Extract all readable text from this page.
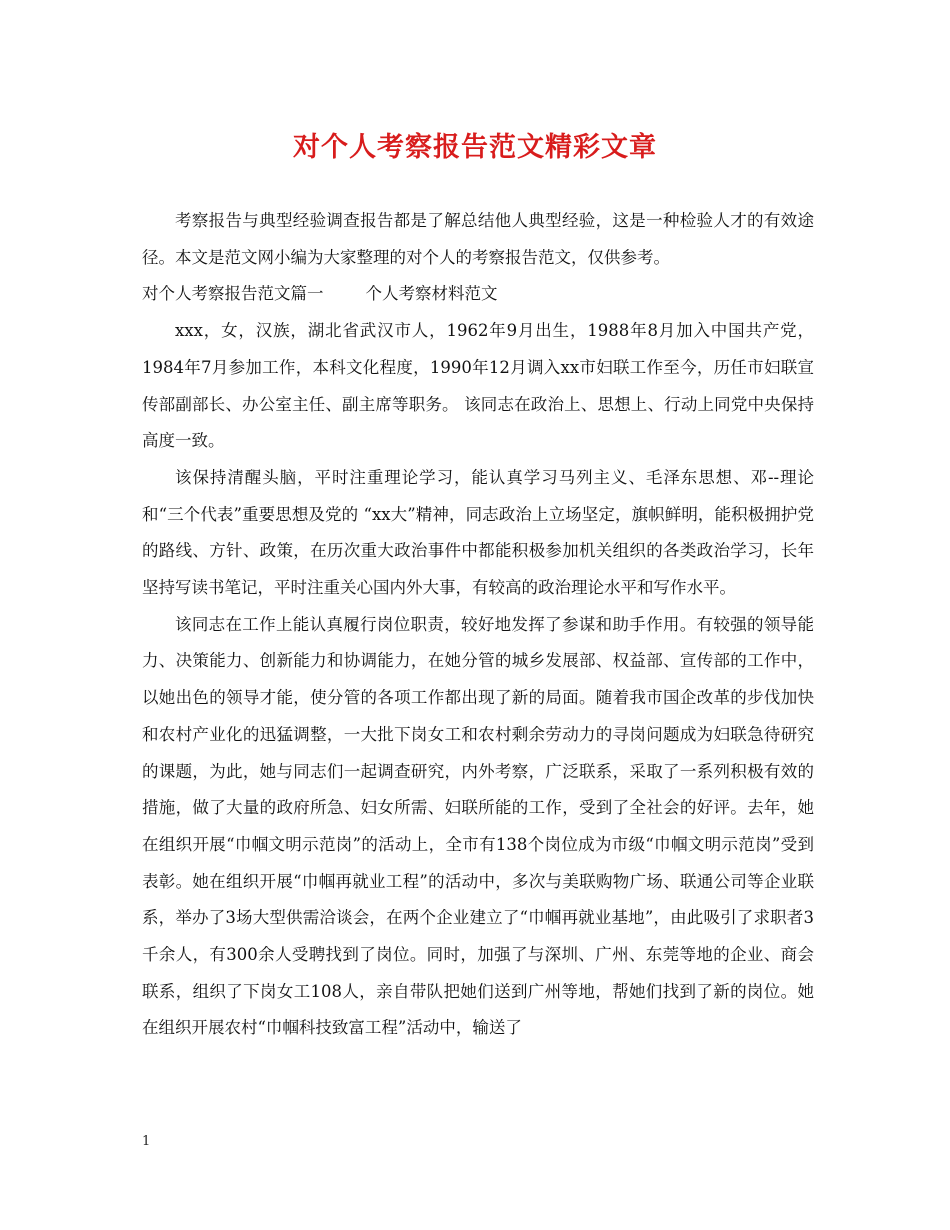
对个人考察报告范文精彩文章

考察报告与典型经验调查报告都是了解总结他人典型经验，这是一种检验人才的有效途径。本文是范文网小编为大家整理的对个人的考察报告范文，仅供参考。

对个人考察报告范文篇一	个人考察材料范文

xxx，女，汉族，湖北省武汉市人，1962年9月出生，1988年8月加入中国共产党，1984年7月参加工作，本科文化程度，1990年12月调入xx市妇联工作至今，历任市妇联宣传部副部长、办公室主任、副主席等职务。 该同志在政治上、思想上、行动上同党中央保持高度一致。

该保持清醒头脑，平时注重理论学习，能认真学习马列主义、毛泽东思想、邓--理论和“三个代表”重要思想及党的 “xx大”精神，同志政治上立场坚定，旗帜鲜明，能积极拥护党的路线、方针、政策，在历次重大政治事件中都能积极参加机关组织的各类政治学习，长年坚持写读书笔记，平时注重关心国内外大事，有较高的政治理论水平和写作水平。

该同志在工作上能认真履行岗位职责，较好地发挥了参谋和助手作用。有较强的领导能力、决策能力、创新能力和协调能力，在她分管的城乡发展部、权益部、宣传部的工作中，以她出色的领导才能，使分管的各项工作都出现了新的局面。随着我市国企改革的步伐加快和农村产业化的迅猛调整，一大批下岗女工和农村剩余劳动力的寻岗问题成为妇联急待研究的课题，为此，她与同志们一起调查研究，内外考察，广泛联系，采取了一系列积极有效的措施，做了大量的政府所急、妇女所需、妇联所能的工作，受到了全社会的好评。去年，她在组织开展“巾帼文明示范岗”的活动上，全市有138个岗位成为市级“巾帼文明示范岗”受到表彰。她在组织开展“巾帼再就业工程”的活动中，多次与美联购物广场、联通公司等企业联系，举办了3场大型供需洽谈会，在两个企业建立了“巾帼再就业基地”，由此吸引了求职者3千余人，有300余人受聘找到了岗位。同时，加强了与深圳、广州、东莞等地的企业、商会联系，组织了下岗女工108人，亲自带队把她们送到广州等地，帮她们找到了新的岗位。她在组织开展农村“巾帼科技致富工程”活动中，输送了

1
